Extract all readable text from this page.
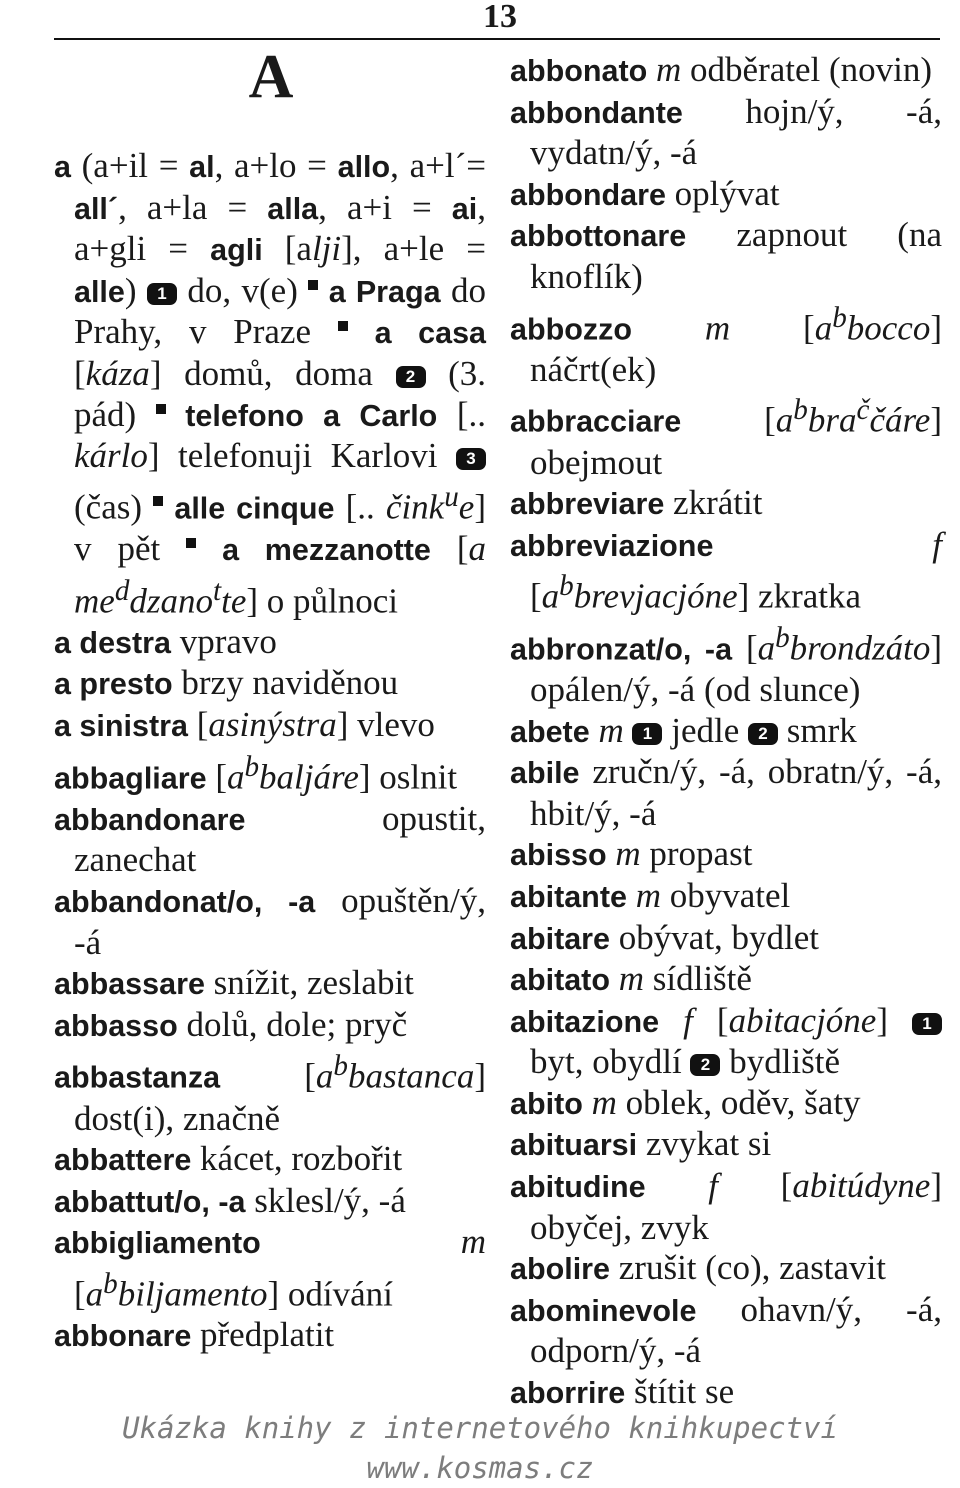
13
A
a (a+il = al, a+lo = allo, a+l´= all´, a+la = alla, a+i = ai, a+gli = agli [alji], a+le = alle) 1 do, v(e)  a Praga do Prahy, v Praze  a casa [káza] domů, doma 2 (3. pád)  telefono a Carlo [.. kárlo] telefonuji Karlovi 3 (čas)  alle cinque [.. čink$^u$e] v pět  a mezzanotte [a $me^ddzano^tte$] o půlnoci
a destra vpravo
a presto brzy naviděnou
a sinistra [asinýstra] vlevo
abbagliare $[a^bbaljáre]$ oslnit
abbandonare opustit, zanechat
abbandonat/o, -a opuštěn/ý, -á
abbassare snížit, zeslabit
abbasso dolů, dole; pryč
abbastanza $[a^bbastanca]$ dost(i), značně
abbattere kácet, rozbořit
abbattut/o, -a sklesl/ý, -á
abbigliamento	m $[a^bbiljamento]$ odívání
abbonare předplatit
abbonato m odběratel (novin)
abbondante hojn/ý, -á, vydatn/ý, -á
abbondare oplývat
abbottonare zapnout (na knoflík)
abbozzo m $[a^bbocco]$ náčrt(ek)
abbracciare $[a^bbra^ččáre]$ obejmout
abbreviare zkrátit
abbreviazione	f $[a^bbrevjacjóne]$ zkratka
abbronzat/o, -a $[a^bbrondzáto]$ opálen/ý, -á (od slunce)
abete m 1 jedle 2 smrk
abile zručn/ý, -á, obratn/ý, -á, hbit/ý, -á
abisso m propast
abitante m obyvatel
abitare obývat, bydlet
abitato m sídliště
abitazione f [abitacjóne] 1 byt, obydlí 2 bydliště
abito m oblek, oděv, šaty
abituarsi zvykat si
abitudine f [abitúdyne] obyčej, zvyk
abolire zrušit (co), zastavit
abominevole ohavn/ý, -á, odporn/ý, -á
aborrire štítit se
Ukázka knihy z internetového knihkupectví www.kosmas.cz
